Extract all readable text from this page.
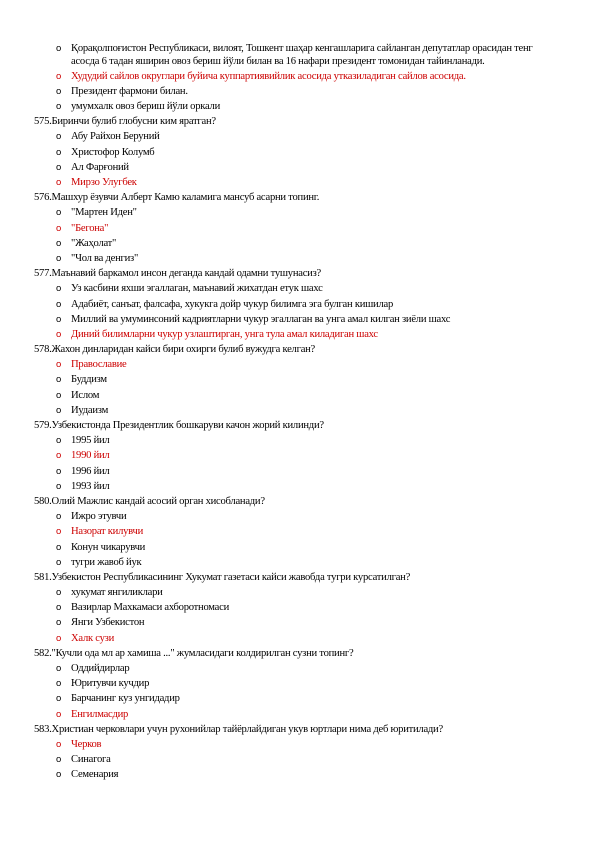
o Қорақолпоғистон Республикаси, вилоят, Тошкент шаҳар кенгашларига сайланган депутатлар орасидан тенг асосда 6 тадан яширин овоз бериш йўли билан ва 16 нафари президент томонидан тайинланади.
o Худудий сайлов округлари буйича куппартиявийлик асосида утказиладиган сайлов асосида.
o Президент фармони билан.
o умумхалк овоз бериш йўли оркали
575.Биринчи булиб глобусни ким яратган?
o Абу Райхон Беруний
o Христофор Колумб
o Ал Фарғоний
o Мирзо Улугбек
576.Машхур ёзувчи Алберт Камю каламига мансуб асарни топинг.
o "Мартен Иден"
o "Бегона"
o "Жаҳолат"
o "Чол ва денгиз"
577.Маънавий баркамол инсон деганда кандай одамни тушунасиз?
o Уз касбини яхши эгаллаган, маънавий жихатдан етук шахс
o Адабиёт, санъат, фалсафа, хукукга дойр чукур билимга эга булган кишилар
o Миллий ва умуминсоний кадриятларни чукур эгаллаган ва унга амал килган зиёли шахс
o Диний билимларни чукур узлаштирган, унга тула амал киладиган шахс
578.Жахон динларидан кайси бири охирги булиб вужудга келган?
o Православие
o Буддизм
o Ислом
o Иудаизм
579.Узбекистонда Президентлик бошкаруви качон жорий килинди?
o 1995 йил
o 1990 йил
o 1996 йил
o 1993 йил
580.Олий Мажлис кандай асосий орган хисобланади?
o Ижро этувчи
o Назорат килувчи
o Конун чикарувчи
o тугри жавоб йук
581.Узбекистон Республикасининг Хукумат газетаси кайси жавобда тугри курсатилган?
o хукумат янгиликлари
o Вазирлар Махкамаси ахборотномаси
o Янги Узбекистон
o Халк сузи
582."Кучли ода мл ар хамиша ..." жумласидаги колдирилган сузни топинг?
o Оддийдирлар
o Юритувчи кучдир
o Барчанинг куз унгидадир
o Енгилмасдир
583.Христиан черковлари учун рухонийлар тайёрлайдиган укув юртлари нима деб юритилади?
o Черков
o Синагога
o Семенария
